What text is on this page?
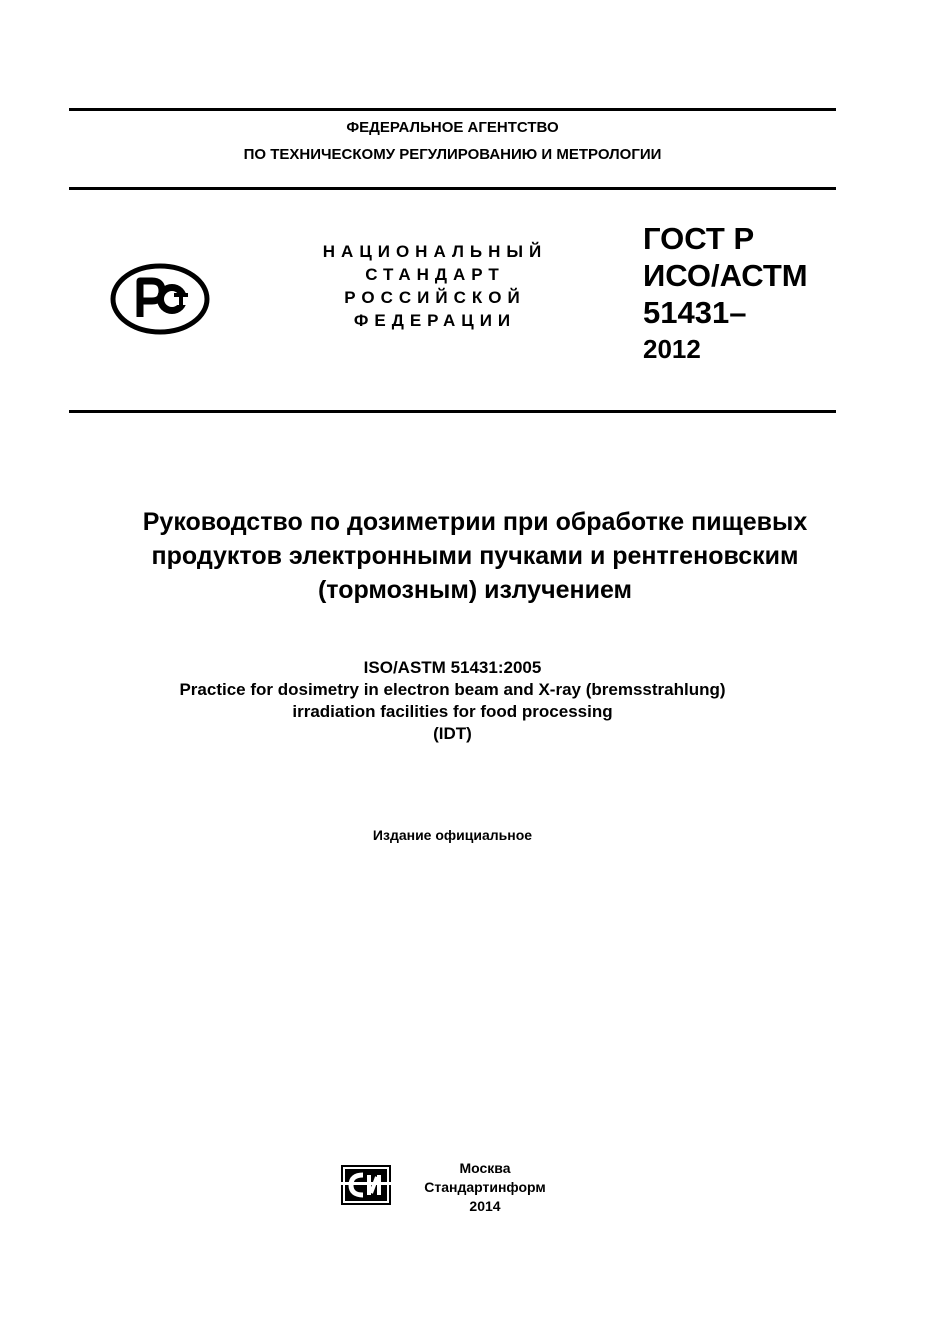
ФЕДЕРАЛЬНОЕ АГЕНТСТВО
ПО ТЕХНИЧЕСКОМУ РЕГУЛИРОВАНИЮ И МЕТРОЛОГИИ
НАЦИОНАЛЬНЫЙ
СТАНДАРТ
РОССИЙСКОЙ
ФЕДЕРАЦИИ
ГОСТ Р
ИСО/АСТМ
51431–
2012
Руководство по дозиметрии при обработке пищевых
продуктов электронными пучками и рентгеновским
(тормозным) излучением
ISO/ASTM 51431:2005
Practice for dosimetry in electron beam and X-ray (bremsstrahlung)
irradiation facilities for food processing
(IDT)
Издание официальное
Москва
Стандартинформ
2014
